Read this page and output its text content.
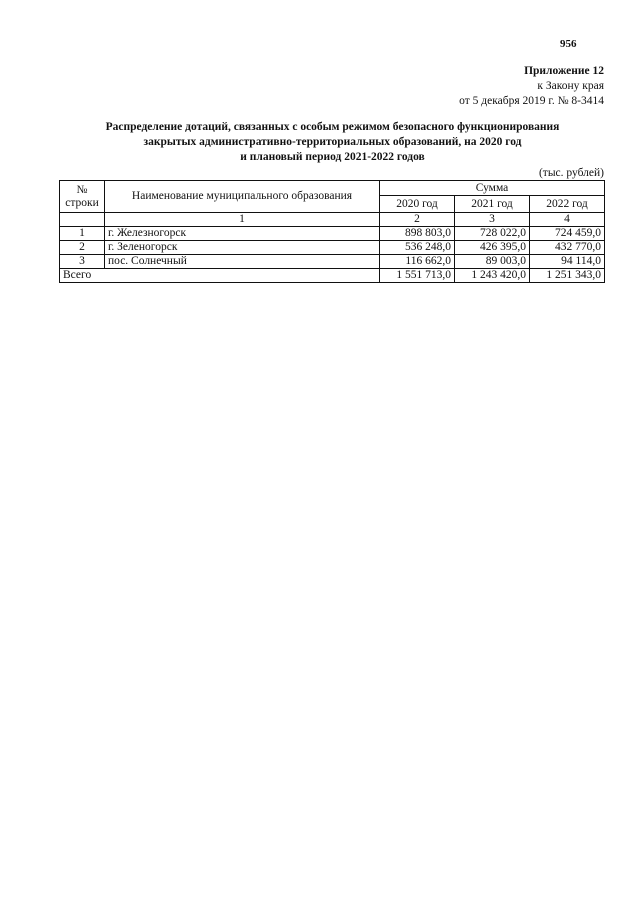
956
Приложение 12
к Закону края
от 5 декабря 2019 г. № 8-3414
Распределение дотаций, связанных с особым режимом безопасного функционирования
закрытых административно-территориальных образований, на 2020 год
и плановый период 2021-2022 годов
(тыс. рублей)
№
строки	Наименование муниципального образования	Сумма		
		2020 год	2021 год	2022 год
	1	2	3	4
1	г. Железногорск	898 803,0	728 022,0	724 459,0
2	г. Зеленогорск	536 248,0	426 395,0	432 770,0
3	пос. Солнечный	116 662,0	89 003,0	94 114,0
Всего		1 551 713,0	1 243 420,0	1 251 343,0
